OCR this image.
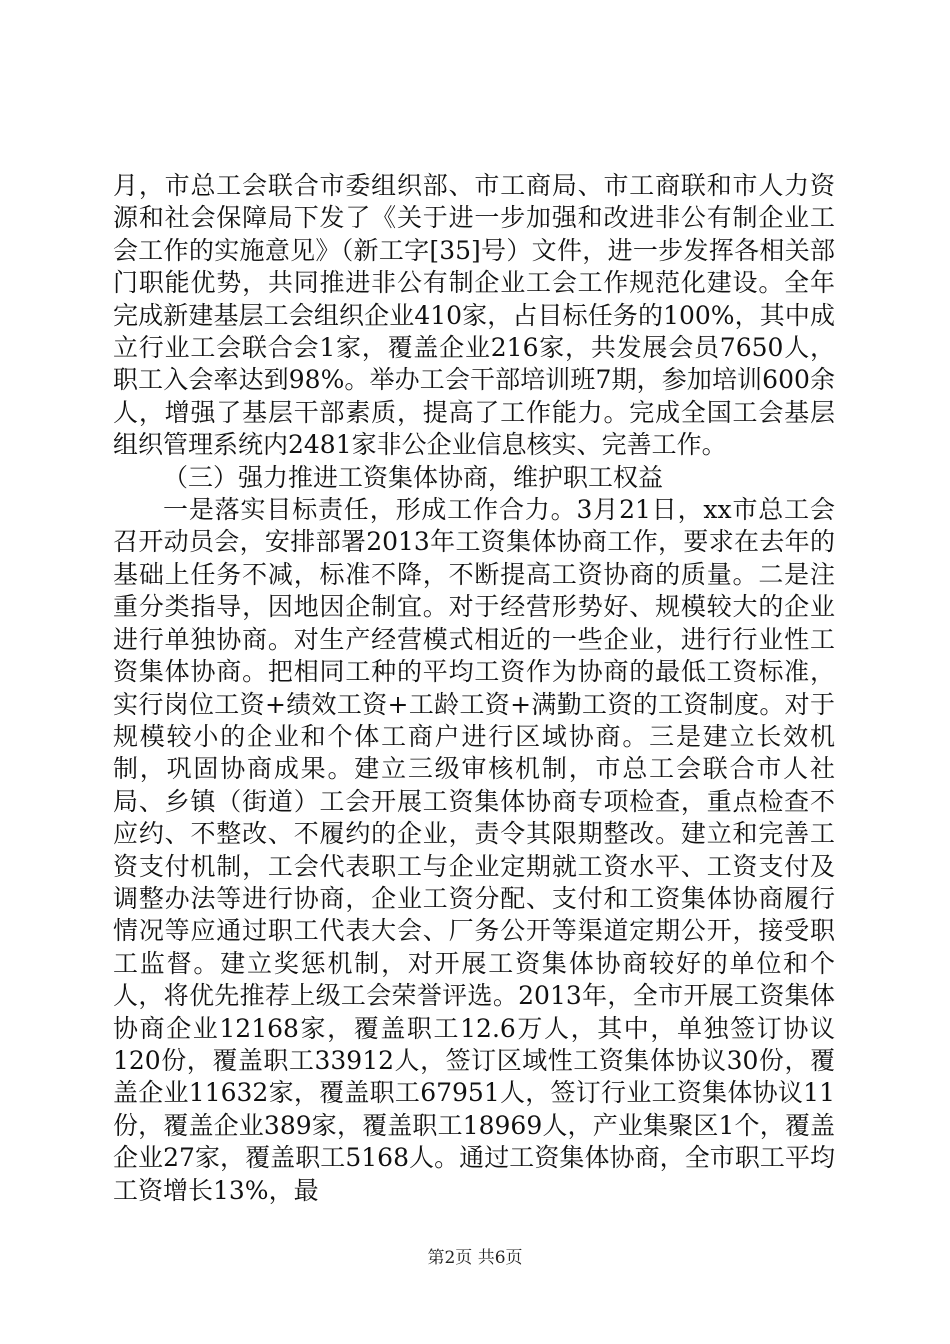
月，市总工会联合市委组织部、市工商局、市工商联和市人力资源和社会保障局下发了《关于进一步加强和改进非公有制企业工会工作的实施意见》（新工字[35]号）文件，进一步发挥各相关部门职能优势，共同推进非公有制企业工会工作规范化建设。全年完成新建基层工会组织企业410家，占目标任务的100%，其中成立行业工会联合会1家，覆盖企业216家，共发展会员7650人，职工入会率达到98%。举办工会干部培训班7期，参加培训600余人，增强了基层干部素质，提高了工作能力。完成全国工会基层组织管理系统内2481家非公企业信息核实、完善工作。

（三）强力推进工资集体协商，维护职工权益

一是落实目标责任，形成工作合力。3月21日，xx市总工会召开动员会，安排部署2013年工资集体协商工作，要求在去年的基础上任务不减，标准不降，不断提高工资协商的质量。二是注重分类指导，因地因企制宜。对于经营形势好、规模较大的企业进行单独协商。对生产经营模式相近的一些企业，进行行业性工资集体协商。把相同工种的平均工资作为协商的最低工资标准，实行岗位工资+绩效工资+工龄工资+满勤工资的工资制度。对于规模较小的企业和个体工商户进行区域协商。三是建立长效机制，巩固协商成果。建立三级审核机制，市总工会联合市人社局、乡镇（街道）工会开展工资集体协商专项检查，重点检查不应约、不整改、不履约的企业，责令其限期整改。建立和完善工资支付机制，工会代表职工与企业定期就工资水平、工资支付及调整办法等进行协商，企业工资分配、支付和工资集体协商履行情况等应通过职工代表大会、厂务公开等渠道定期公开，接受职工监督。建立奖惩机制，对开展工资集体协商较好的单位和个人，将优先推荐上级工会荣誉评选。2013年，全市开展工资集体协商企业12168家，覆盖职工12.6万人，其中，单独签订协议120份，覆盖职工33912人，签订区域性工资集体协议30份，覆盖企业11632家，覆盖职工67951人，签订行业工资集体协议11份，覆盖企业389家，覆盖职工18969人，产业集聚区1个，覆盖企业27家，覆盖职工5168人。通过工资集体协商，全市职工平均工资增长13%，最

第2页 共6页
